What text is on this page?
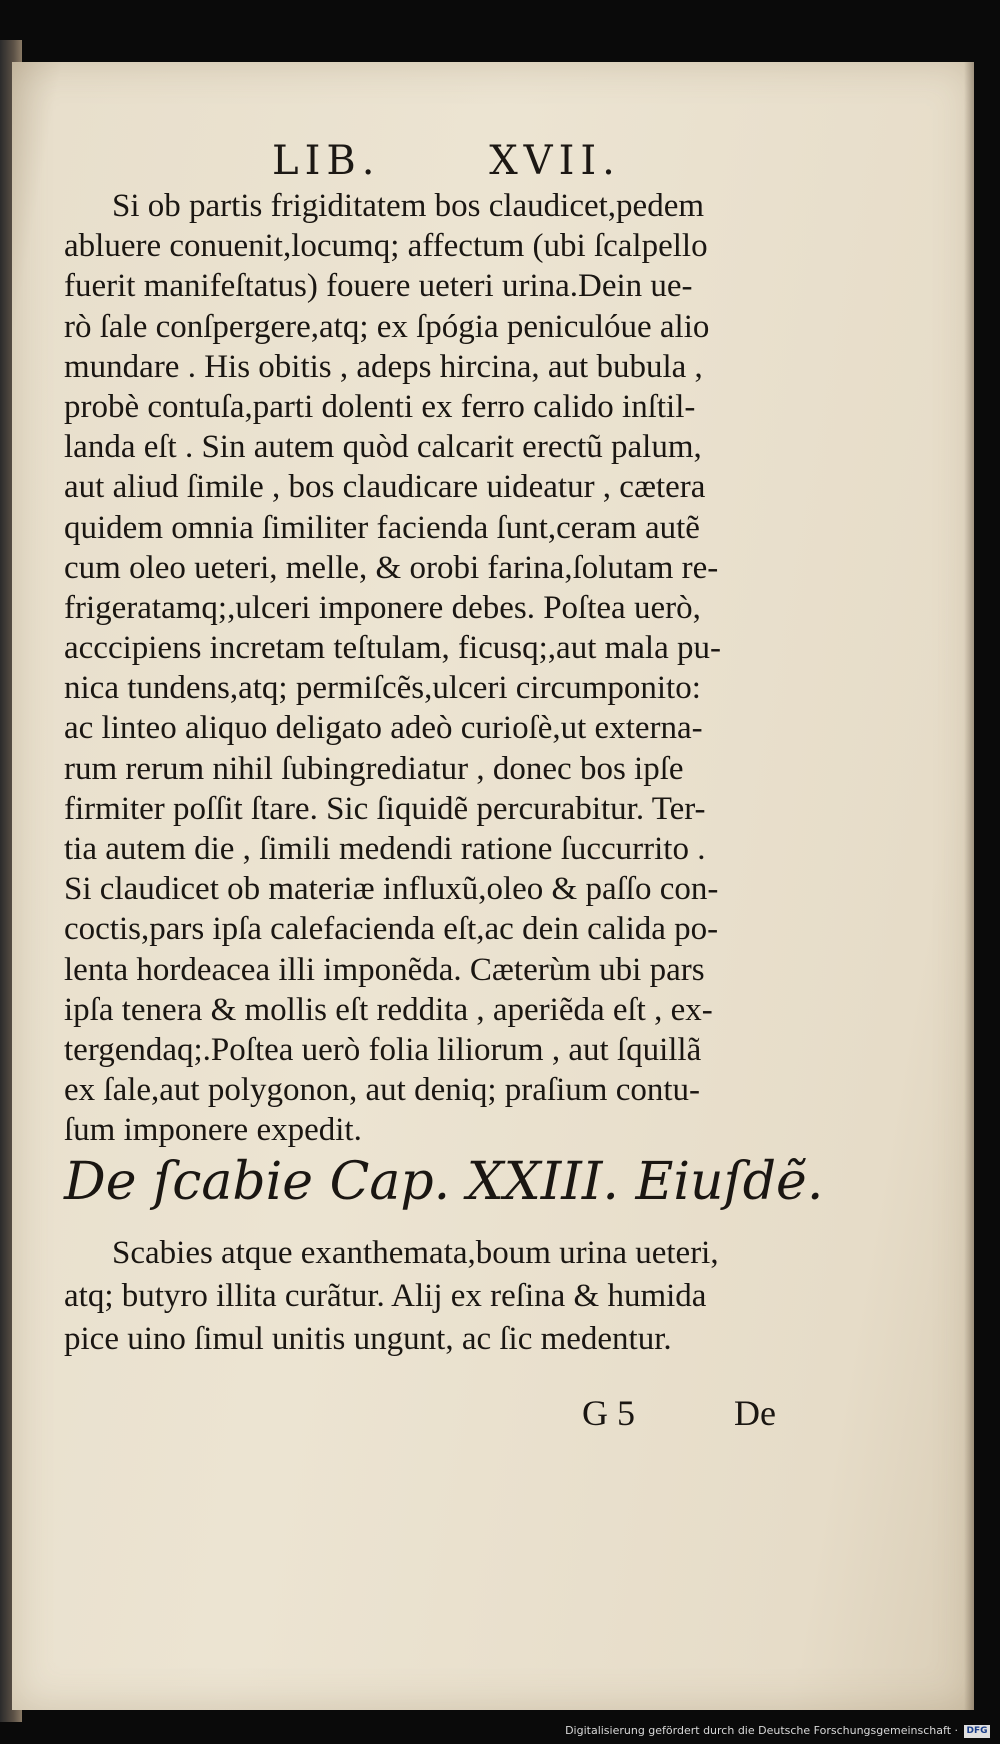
LIB.	XVII.
Si ob partis frigiditatem bos claudicet,pedem
abluere conuenit,locumq; affectum (ubi ſcalpello
fuerit manifeſtatus) fouere ueteri urina.Dein ue-
rò ſale conſpergere,atq; ex ſpógia peniculóue alio
mundare . His obitis , adeps hircina, aut bubula ,
probè contuſa,parti dolenti ex ferro calido inſtil-
landa eſt . Sin autem quòd calcarit erectũ palum,
aut aliud ſimile , bos claudicare uideatur , cætera
quidem omnia ſimiliter facienda ſunt,ceram autẽ
cum oleo ueteri, melle, & orobi farina,ſolutam re-
frigeratamq;,ulceri imponere debes. Poſtea uerò,
acccipiens incretam teſtulam, ficusq;,aut mala pu-
nica tundens,atq; permiſcẽs,ulceri circumponito:
ac linteo aliquo deligato adeò curioſè,ut externa-
rum rerum nihil ſubingrediatur , donec bos ipſe
firmiter poſſit ſtare. Sic ſiquidẽ percurabitur. Ter-
tia autem die , ſimili medendi ratione ſuccurrito .
Si claudicet ob materiæ influxũ,oleo & paſſo con-
coctis,pars ipſa calefacienda eſt,ac dein calida po-
lenta hordeacea illi imponẽda. Cæterùm ubi pars
ipſa tenera & mollis eſt reddita , aperiẽda eſt , ex-
tergendaq;.Poſtea uerò folia liliorum , aut ſquillã
ex ſale,aut polygonon, aut deniq; praſium contu-
ſum imponere expedit.
De ſcabie Cap. XXIII. Eiuſdẽ.
Scabies atque exanthemata,boum urina ueteri,
atq; butyro illita curãtur. Alij ex reſina & humida
pice uino ſimul unitis ungunt, ac ſic medentur.
G 5	De
Digitalisierung gefördert durch die Deutsche Forschungsgemeinschaft · DFG
